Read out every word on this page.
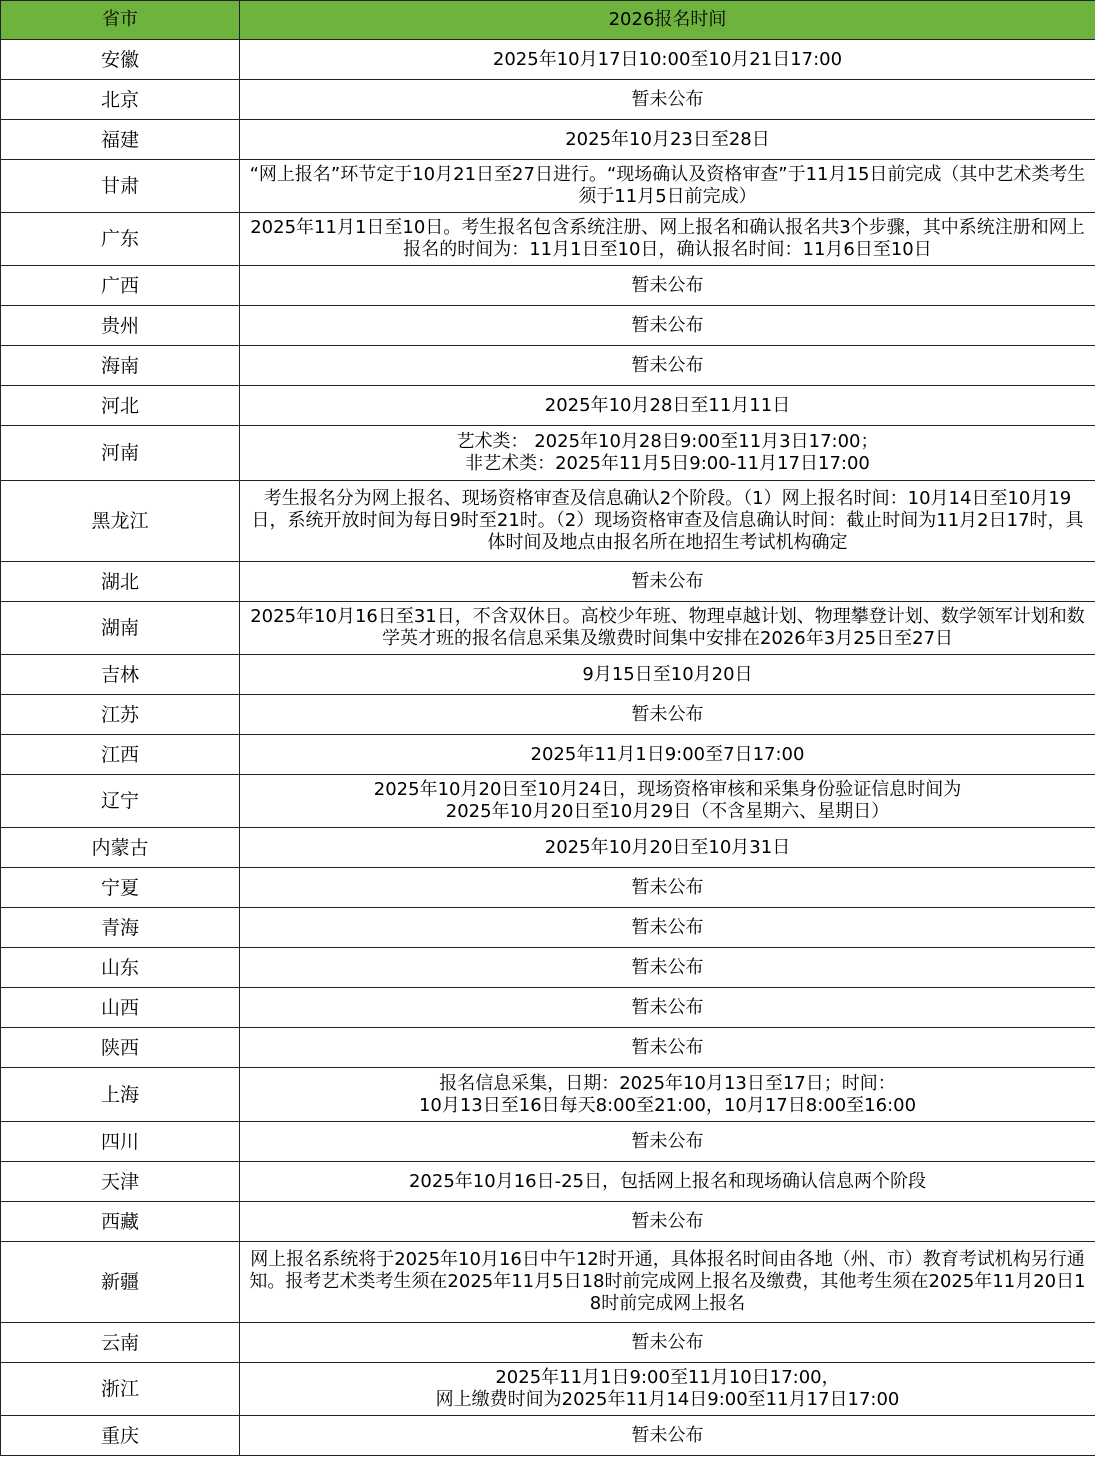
省市	2026报名时间
安徽	2025年10月17日10:00至10月21日17:00
北京	暂未公布
福建	2025年10月23日至28日
甘肃	“网上报名”环节定于10月21日至27日进行。“现场确认及资格审查”于11月15日前完成（其中艺术类考生须于11月5日前完成）
广东	2025年11月1日至10日。考生报名包含系统注册、网上报名和确认报名共3个步骤，其中系统注册和网上报名的时间为：11月1日至10日，确认报名时间：11月6日至10日
广西	暂未公布
贵州	暂未公布
海南	暂未公布
河北	2025年10月28日至11月11日
河南	艺术类： 2025年10月28日9:00至11月3日17:00；
非艺术类：2025年11月5日9:00-11月17日17:00
黑龙江	考生报名分为网上报名、现场资格审查及信息确认2个阶段。（1）网上报名时间：10月14日至10月19日，系统开放时间为每日9时至21时。（2）现场资格审查及信息确认时间：截止时间为11月2日17时，具体时间及地点由报名所在地招生考试机构确定
湖北	暂未公布
湖南	2025年10月16日至31日，不含双休日。高校少年班、物理卓越计划、物理攀登计划、数学领军计划和数学英才班的报名信息采集及缴费时间集中安排在2026年3月25日至27日
吉林	9月15日至10月20日
江苏	暂未公布
江西	2025年11月1日9:00至7日17:00
辽宁	2025年10月20日至10月24日，现场资格审核和采集身份验证信息时间为
2025年10月20日至10月29日（不含星期六、星期日）
内蒙古	2025年10月20日至10月31日
宁夏	暂未公布
青海	暂未公布
山东	暂未公布
山西	暂未公布
陕西	暂未公布
上海	报名信息采集，日期：2025年10月13日至17日；时间：
10月13日至16日每天8:00至21:00，10月17日8:00至16:00
四川	暂未公布
天津	2025年10月16日-25日，包括网上报名和现场确认信息两个阶段
西藏	暂未公布
新疆	网上报名系统将于2025年10月16日中午12时开通，具体报名时间由各地（州、市）教育考试机构另行通知。报考艺术类考生须在2025年11月5日18时前完成网上报名及缴费，其他考生须在2025年11月20日18时前完成网上报名
云南	暂未公布
浙江	2025年11月1日9:00至11月10日17:00，
网上缴费时间为2025年11月14日9:00至11月17日17:00
重庆	暂未公布
